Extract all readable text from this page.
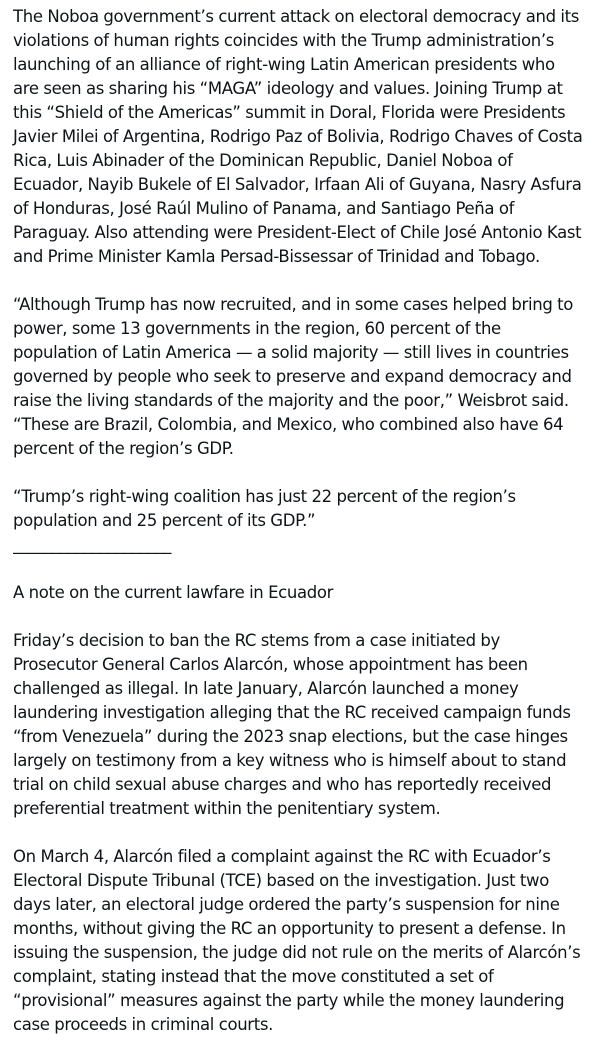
The Noboa government’s current attack on electoral democracy and its violations of human rights coincides with the Trump administration’s launching of an alliance of right-wing Latin American presidents who are seen as sharing his “MAGA” ideology and values. Joining Trump at this “Shield of the Americas” summit in Doral, Florida were Presidents Javier Milei of Argentina, Rodrigo Paz of Bolivia, Rodrigo Chaves of Costa Rica, Luis Abinader of the Dominican Republic, Daniel Noboa of Ecuador, Nayib Bukele of El Salvador, Irfaan Ali of Guyana, Nasry Asfura of Honduras, José Raúl Mulino of Panama, and Santiago Peña of Paraguay. Also attending were President-Elect of Chile José Antonio Kast and Prime Minister Kamla Persad-Bissessar of Trinidad and Tobago.

“Although Trump has now recruited, and in some cases helped bring to power, some 13 governments in the region, 60 percent of the population of Latin America — a solid majority — still lives in countries governed by people who seek to preserve and expand democracy and raise the living standards of the majority and the poor,” Weisbrot said. “These are Brazil, Colombia, and Mexico, who combined also have 64 percent of the region’s GDP.

“Trump’s right-wing coalition has just 22 percent of the region’s population and 25 percent of its GDP.”

____________________

A note on the current lawfare in Ecuador

Friday’s decision to ban the RC stems from a case initiated by Prosecutor General Carlos Alarcón, whose appointment has been challenged as illegal. In late January, Alarcón launched a money laundering investigation alleging that the RC received campaign funds “from Venezuela” during the 2023 snap elections, but the case hinges largely on testimony from a key witness who is himself about to stand trial on child sexual abuse charges and who has reportedly received preferential treatment within the penitentiary system.

On March 4, Alarcón filed a complaint against the RC with Ecuador’s Electoral Dispute Tribunal (TCE) based on the investigation. Just two days later, an electoral judge ordered the party’s suspension for nine months, without giving the RC an opportunity to present a defense. In issuing the suspension, the judge did not rule on the merits of Alarcón’s complaint, stating instead that the move constituted a set of “provisional” measures against the party while the money laundering case proceeds in criminal courts.
